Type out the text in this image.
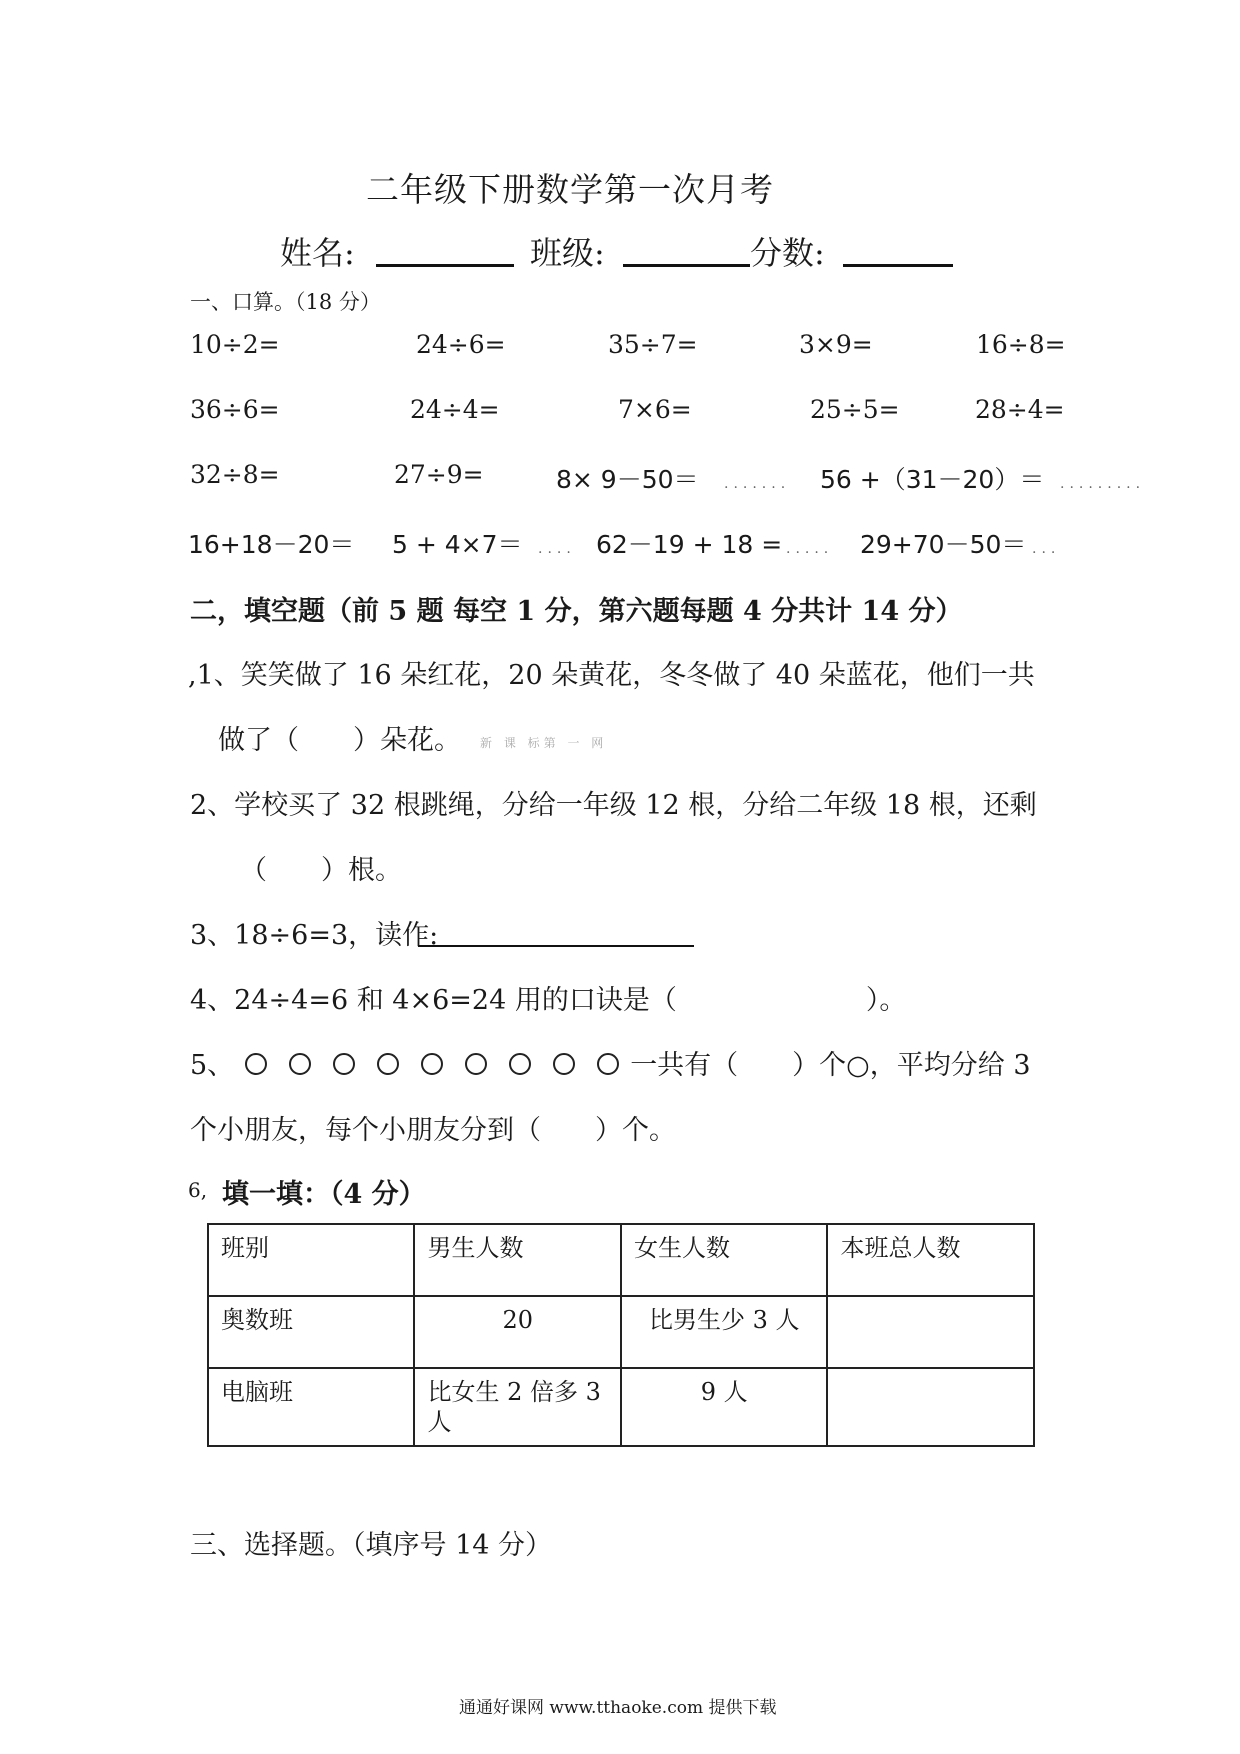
二年级下册数学第一次月考
姓名:	班级:	分数:
一、口算。（18 分）
10÷2=	24÷6=	35÷7=	3×9=	16÷8=
36÷6=	24÷4=	7×6=	25÷5=	28÷4=
32÷8=	27÷9=	8× 9－50＝ ....... 56 +（31－20）＝ .........
16+18－20＝ 5 + 4×7＝ .... 62－19 + 18 = ..... 29+70－50＝ ...
二，填空题（前 5 题 每空 1 分，第六题每题 4 分共计 14 分）
,1、笑笑做了 16 朵红花，20 朵黄花，冬冬做了 40 朵蓝花，他们一共
做了（　　）朵花。 新 课 标第 一 网
2、学校买了 32 根跳绳，分给一年级 12 根，分给二年级 18 根，还剩
（　　）根。
3、18÷6=3，读作:
4、24÷4=6 和 4×6=24 用的口诀是（　　　　　　　）。
5、	一共有（　　）个○，平均分给 3
个小朋友，每个小朋友分到（　　）个。
6, 填一填：（4 分）
班别	男生人数	女生人数	本班总人数
奥数班	20	比男生少 3 人	
电脑班	比女生 2 倍多 3 人	9 人	
三、选择题。（填序号 14 分）
通通好课网 www.tthaoke.com 提供下载
